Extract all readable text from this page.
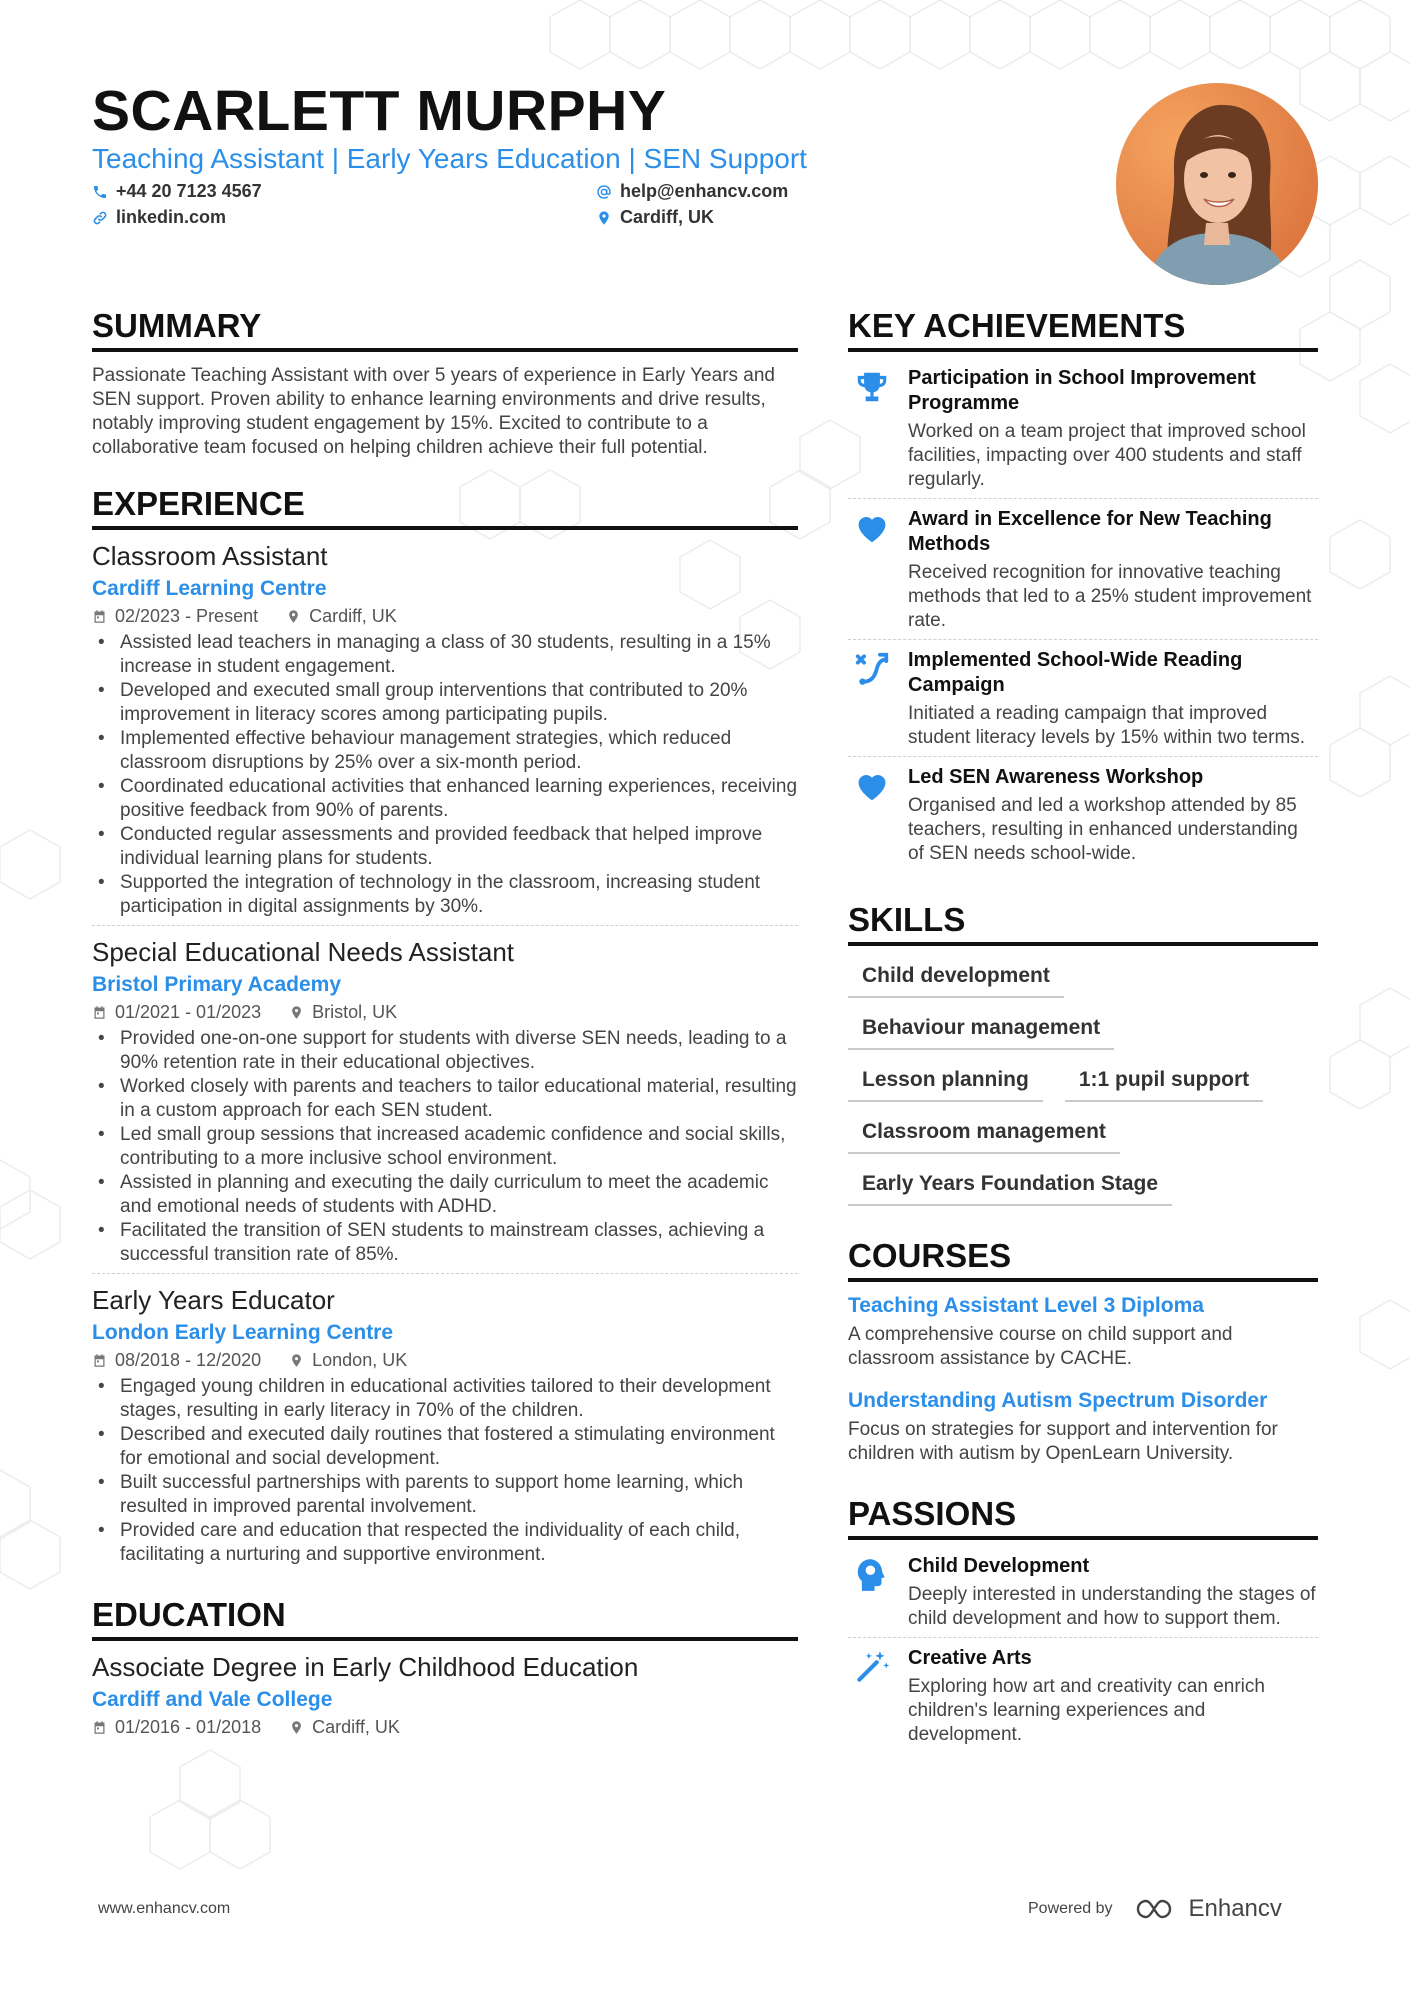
SCARLETT MURPHY
Teaching Assistant | Early Years Education | SEN Support
+44 20 7123 4567
linkedin.com
help@enhancv.com
Cardiff, UK
SUMMARY
Passionate Teaching Assistant with over 5 years of experience in Early Years and SEN support. Proven ability to enhance learning environments and drive results, notably improving student engagement by 15%. Excited to contribute to a collaborative team focused on helping children achieve their full potential.
EXPERIENCE
Classroom Assistant
Cardiff Learning Centre
02/2023 - Present	Cardiff, UK
• Assisted lead teachers in managing a class of 30 students, resulting in a 15% increase in student engagement.
• Developed and executed small group interventions that contributed to 20% improvement in literacy scores among participating pupils.
• Implemented effective behaviour management strategies, which reduced classroom disruptions by 25% over a six-month period.
• Coordinated educational activities that enhanced learning experiences, receiving positive feedback from 90% of parents.
• Conducted regular assessments and provided feedback that helped improve individual learning plans for students.
• Supported the integration of technology in the classroom, increasing student participation in digital assignments by 30%.
Special Educational Needs Assistant
Bristol Primary Academy
01/2021 - 01/2023	Bristol, UK
• Provided one-on-one support for students with diverse SEN needs, leading to a 90% retention rate in their educational objectives.
• Worked closely with parents and teachers to tailor educational material, resulting in a custom approach for each SEN student.
• Led small group sessions that increased academic confidence and social skills, contributing to a more inclusive school environment.
• Assisted in planning and executing the daily curriculum to meet the academic and emotional needs of students with ADHD.
• Facilitated the transition of SEN students to mainstream classes, achieving a successful transition rate of 85%.
Early Years Educator
London Early Learning Centre
08/2018 - 12/2020	London, UK
• Engaged young children in educational activities tailored to their development stages, resulting in early literacy in 70% of the children.
• Described and executed daily routines that fostered a stimulating environment for emotional and social development.
• Built successful partnerships with parents to support home learning, which resulted in improved parental involvement.
• Provided care and education that respected the individuality of each child, facilitating a nurturing and supportive environment.
EDUCATION
Associate Degree in Early Childhood Education
Cardiff and Vale College
01/2016 - 01/2018	Cardiff, UK
KEY ACHIEVEMENTS
Participation in School Improvement Programme
Worked on a team project that improved school facilities, impacting over 400 students and staff regularly.
Award in Excellence for New Teaching Methods
Received recognition for innovative teaching methods that led to a 25% student improvement rate.
Implemented School-Wide Reading Campaign
Initiated a reading campaign that improved student literacy levels by 15% within two terms.
Led SEN Awareness Workshop
Organised and led a workshop attended by 85 teachers, resulting in enhanced understanding of SEN needs school-wide.
SKILLS
Child development
Behaviour management
Lesson planning	1:1 pupil support
Classroom management
Early Years Foundation Stage
COURSES
Teaching Assistant Level 3 Diploma
A comprehensive course on child support and classroom assistance by CACHE.
Understanding Autism Spectrum Disorder
Focus on strategies for support and intervention for children with autism by OpenLearn University.
PASSIONS
Child Development
Deeply interested in understanding the stages of child development and how to support them.
Creative Arts
Exploring how art and creativity can enrich children's learning experiences and development.
www.enhancv.com	Powered by	Enhancv
